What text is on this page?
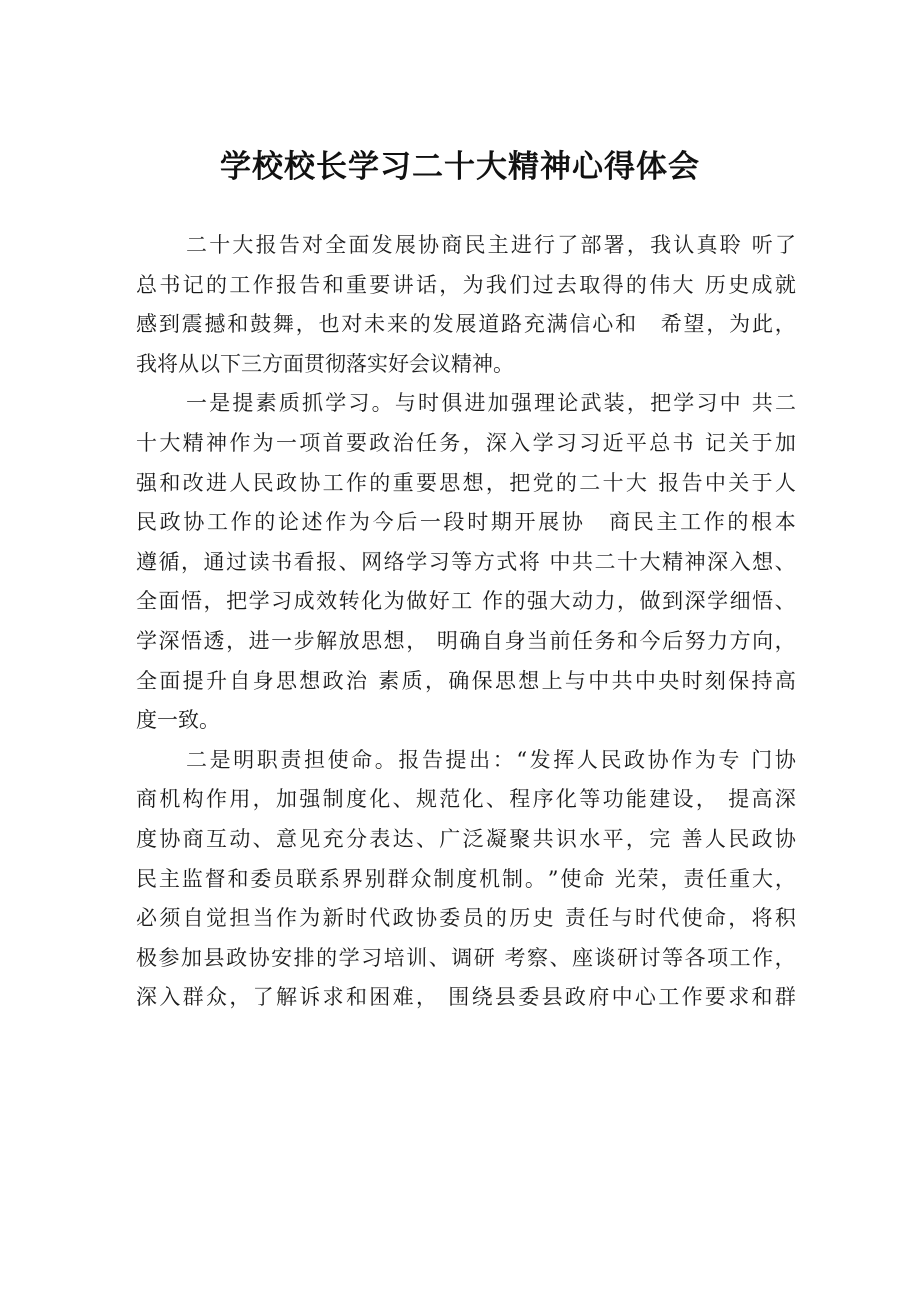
学校校长学习二十大精神心得体会
二 十 大 报 告 对 全 面 发 展 协 商 民 主 进 行 了 部 署 ， 我 认 真 聆
听 了
总 书 记 的 工 作 报 告 和 重 要 讲 话 ， 为 我 们 过 去 取 得 的 伟 大
历 史 成 就
感 到 震 撼 和 鼓 舞 ， 也 对 未 来 的 发 展 道 路 充 满 信 心 和
　 希 望 ， 为 此 ，
我将从以下三方面贯彻落实好会议精神。
一 是 提 素 质 抓 学 习 。 与 时 俱 进 加 强 理 论 武 装 ， 把 学 习 中
共 二
十 大 精 神 作 为 一 项 首 要 政 治 任 务 ， 深 入 学 习 习 近 平 总 书
记 关 于 加
强 和 改 进 人 民 政 协 工 作 的 重 要 思 想 ， 把 党 的 二 十 大
报 告 中 关 于 人
民 政 协 工 作 的 论 述 作 为 今 后 一 段 时 期 开 展 协
　 商 民 主 工 作 的 根 本
遵 循 ， 通 过 读 书 看 报 、 网 络 学 习 等 方 式 将
中 共 二 十 大 精 神 深 入 想 、
全 面 悟 ， 把 学 习 成 效 转 化 为 做 好 工
作 的 强 大 动 力 ， 做 到 深 学 细 悟 、
学 深 悟 透 ， 进 一 步 解 放 思 想 ，
明 确 自 身 当 前 任 务 和 今 后 努 力 方 向 ，
全 面 提 升 自 身 思 想 政 治
素 质 ， 确 保 思 想 上 与 中 共 中 央 时 刻 保 持 高
度一致。
二 是 明 职 责 担 使 命 。 报 告 提 出 ： “ 发 挥 人 民 政 协 作 为 专
门 协
商 机 构 作 用 ， 加 强 制 度 化 、 规 范 化 、 程 序 化 等 功 能 建 设 ，
提 高 深
度 协 商 互 动 、 意 见 充 分 表 达 、 广 泛 凝 聚 共 识 水 平 ， 完
善 人 民 政 协
民 主 监 督 和 委 员 联 系 界 别 群 众 制 度 机 制 。 ” 使 命
光 荣 ， 责 任 重 大 ，
必 须 自 觉 担 当 作 为 新 时 代 政 协 委 员 的 历 史
责 任 与 时 代 使 命 ， 将 积
极 参 加 县 政 协 安 排 的 学 习 培 训 、 调 研
考 察 、 座 谈 研 讨 等 各 项 工 作 ，
深 入 群 众 ， 了 解 诉 求 和 困 难 ，
围 绕 县 委 县 政 府 中 心 工 作 要 求 和 群
